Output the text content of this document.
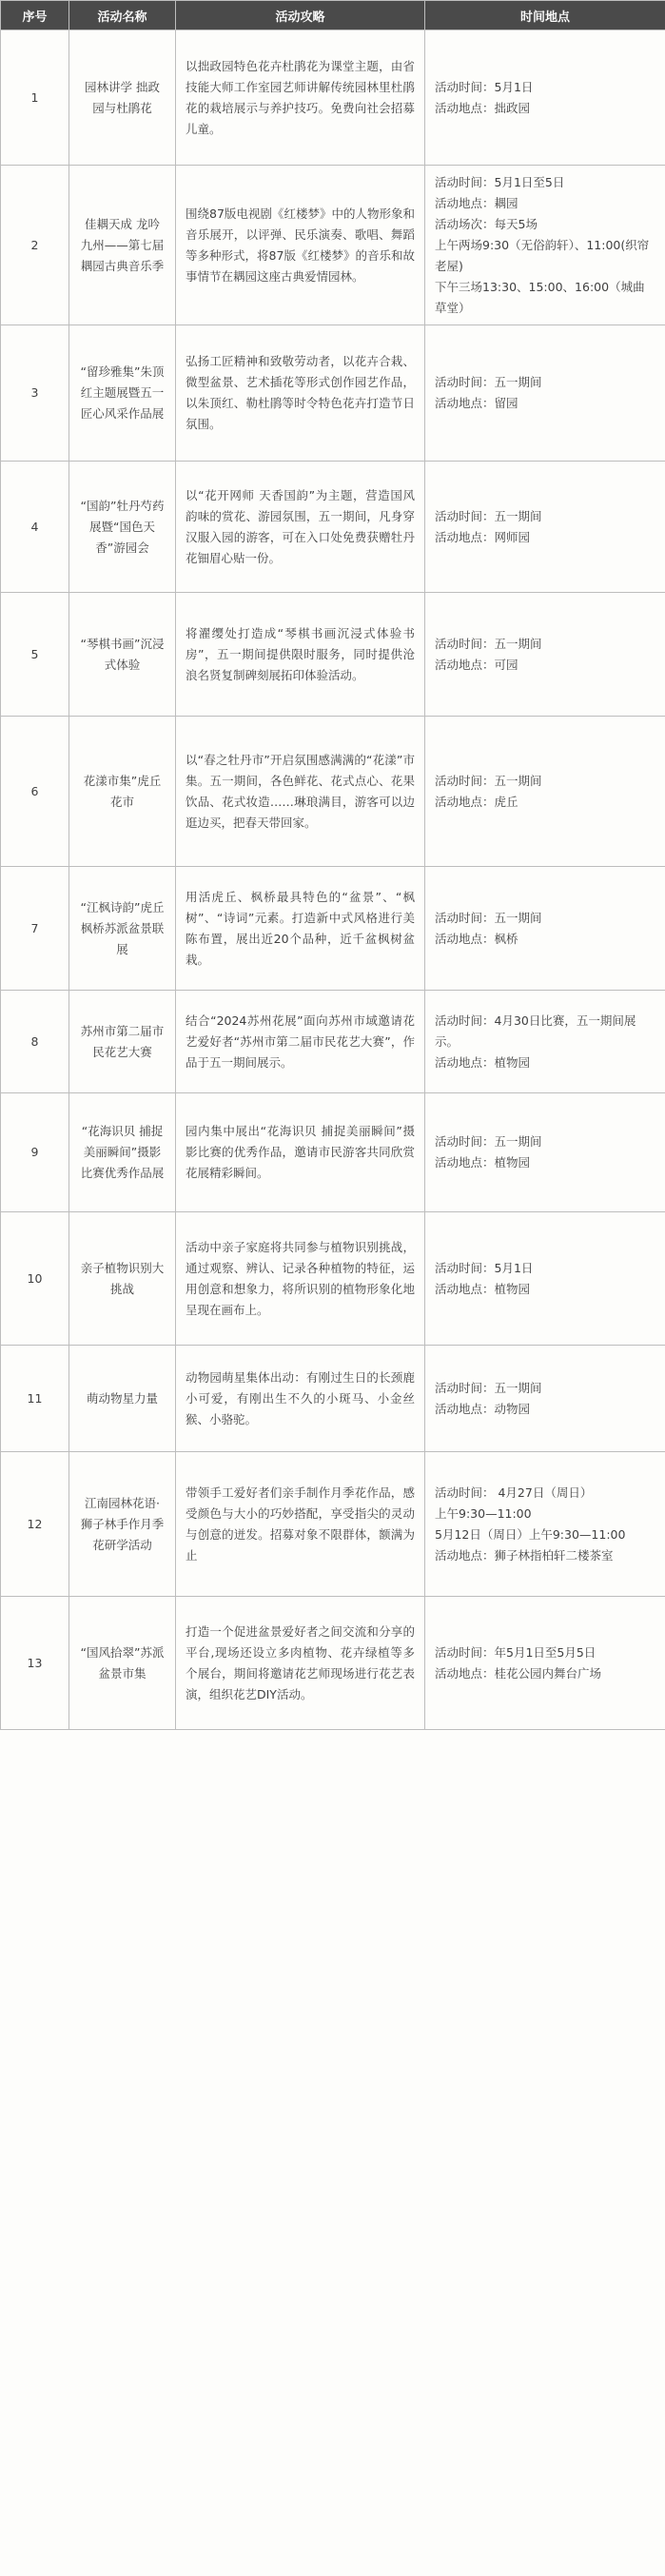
序号	活动名称	活动攻略	时间地点
1	园林讲学 拙政园与杜鹃花	以拙政园特色花卉杜鹃花为课堂主题，由省技能大师工作室园艺师讲解传统园林里杜鹃花的栽培展示与养护技巧。免费向社会招募儿童。	活动时间：5月1日
活动地点：拙政园
2	佳耦天成 龙吟九州——第七届耦园古典音乐季	围绕87版电视剧《红楼梦》中的人物形象和音乐展开，以评弹、民乐演奏、歌唱、舞蹈等多种形式，将87版《红楼梦》的音乐和故事情节在耦园这座古典爱情园林。	活动时间：5月1日至5日
活动地点：耦园
活动场次：每天5场
上午两场9:30（无俗韵轩）、11:00(织帘老屋)
下午三场13:30、15:00、16:00（城曲草堂）
3	“留珍雅集”朱顶红主题展暨五一匠心风采作品展	弘扬工匠精神和致敬劳动者，以花卉合栽、微型盆景、艺术插花等形式创作园艺作品，以朱顶红、勒杜鹃等时令特色花卉打造节日氛围。	活动时间：五一期间
活动地点：留园
4	“国韵”牡丹芍药展暨“国色天香”游园会	以“花开网师 天香国韵”为主题，营造国风韵味的赏花、游园氛围，五一期间，凡身穿汉服入园的游客，可在入口处免费获赠牡丹花钿眉心贴一份。	活动时间：五一期间
活动地点：网师园
5	“琴棋书画”沉浸式体验	将濯缨处打造成“琴棋书画沉浸式体验书房”，五一期间提供限时服务，同时提供沧浪名贤复制碑刻展拓印体验活动。	活动时间：五一期间
活动地点：可园
6	花漾市集”虎丘花市	以“春之牡丹市”开启氛围感满满的“花漾”市集。五一期间，各色鲜花、花式点心、花果饮品、花式妆造……琳琅满目，游客可以边逛边买，把春天带回家。	活动时间：五一期间
活动地点：虎丘
7	“江枫诗韵”虎丘枫桥苏派盆景联展	用活虎丘、枫桥最具特色的“盆景”、“枫树”、“诗词”元素。打造新中式风格进行美陈布置，展出近20个品种，近千盆枫树盆栽。	活动时间：五一期间
活动地点：枫桥
8	苏州市第二届市民花艺大赛	结合“2024苏州花展”面向苏州市域邀请花艺爱好者“苏州市第二届市民花艺大赛”，作品于五一期间展示。	活动时间：4月30日比赛，五一期间展示。
活动地点：植物园
9	“花海识贝 捕捉美丽瞬间”摄影比赛优秀作品展	园内集中展出“花海识贝 捕捉美丽瞬间”摄影比赛的优秀作品，邀请市民游客共同欣赏花展精彩瞬间。	活动时间：五一期间
活动地点：植物园
10	亲子植物识别大挑战	活动中亲子家庭将共同参与植物识别挑战，通过观察、辨认、记录各种植物的特征，运用创意和想象力，将所识别的植物形象化地呈现在画布上。	活动时间：5月1日
活动地点：植物园
11	萌动物星力量	动物园萌星集体出动：有刚过生日的长颈鹿小可爱，有刚出生不久的小斑马、小金丝猴、小骆驼。	活动时间：五一期间
活动地点：动物园
12	江南园林花语·狮子林手作月季花研学活动	带领手工爱好者们亲手制作月季花作品，感受颜色与大小的巧妙搭配，享受指尖的灵动与创意的迸发。招募对象不限群体，额满为止	活动时间： 4月27日（周日）
上午9:30—11:00
5月12日（周日）上午9:30—11:00
活动地点：狮子林指柏轩二楼茶室
13	“国风拾翠”苏派盆景市集	打造一个促进盆景爱好者之间交流和分享的平台,现场还设立多肉植物、花卉绿植等多个展台，期间将邀请花艺师现场进行花艺表演，组织花艺DIY活动。	活动时间：年5月1日至5月5日
活动地点：桂花公园内舞台广场
